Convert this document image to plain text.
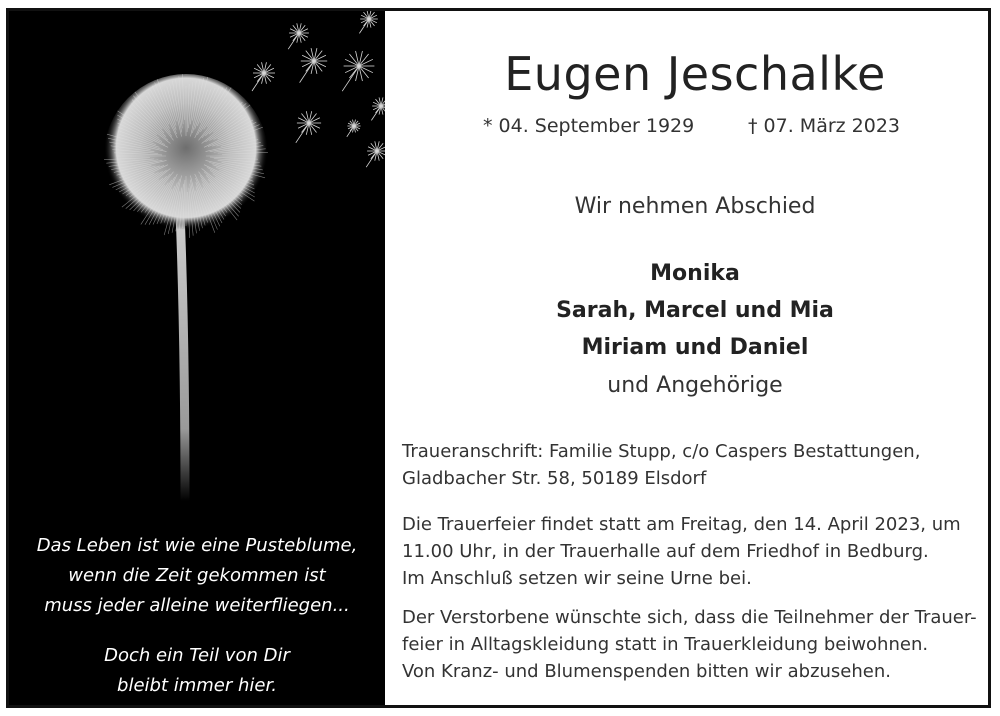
Das Leben ist wie eine Pusteblume,
wenn die Zeit gekommen ist
muss jeder alleine weiterfliegen...
Doch ein Teil von Dir
bleibt immer hier.
Eugen Jeschalke
* 04. September 1929	† 07. März 2023
Wir nehmen Abschied
Monika
Sarah, Marcel und Mia
Miriam und Daniel
und Angehörige
Traueranschrift: Familie Stupp, c/o Caspers Bestattungen,
Gladbacher Str. 58, 50189 Elsdorf
Die Trauerfeier findet statt am Freitag, den 14. April 2023, um
11.00 Uhr, in der Trauerhalle auf dem Friedhof in Bedburg.
Im Anschluß setzen wir seine Urne bei.
Der Verstorbene wünschte sich, dass die Teilnehmer der Trauer-
feier in Alltagskleidung statt in Trauerkleidung beiwohnen.
Von Kranz- und Blumenspenden bitten wir abzusehen.
